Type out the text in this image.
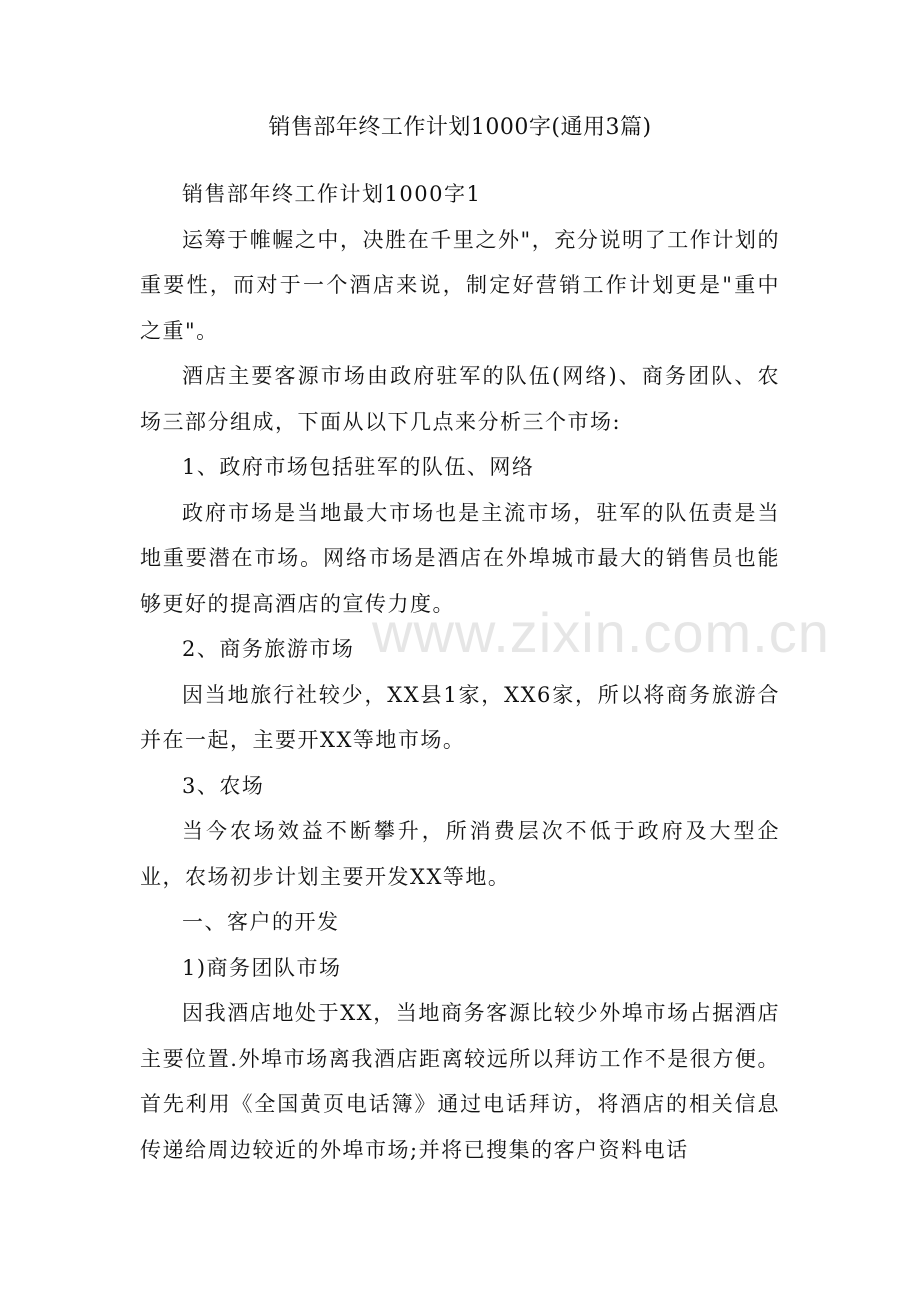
销售部年终工作计划1000字(通用3篇)

销售部年终工作计划1000字1

运筹于帷幄之中，决胜在千里之外"，充分说明了工作计划的重要性，而对于一个酒店来说，制定好营销工作计划更是"重中之重"。

酒店主要客源市场由政府驻军的队伍(网络)、商务团队、农场三部分组成，下面从以下几点来分析三个市场:

1、政府市场包括驻军的队伍、网络

政府市场是当地最大市场也是主流市场，驻军的队伍责是当地重要潜在市场。网络市场是酒店在外埠城市最大的销售员也能够更好的提高酒店的宣传力度。

2、商务旅游市场

因当地旅行社较少，XX县1家，XX6家，所以将商务旅游合并在一起，主要开XX等地市场。

3、农场

当今农场效益不断攀升，所消费层次不低于政府及大型企业，农场初步计划主要开发XX等地。

一、客户的开发

1)商务团队市场

因我酒店地处于XX，当地商务客源比较少外埠市场占据酒店主要位置.外埠市场离我酒店距离较远所以拜访工作不是很方便。首先利用《全国黄页电话簿》通过电话拜访，将酒店的相关信息传递给周边较近的外埠市场;并将已搜集的客户资料电话

www.zixin.com.cn
